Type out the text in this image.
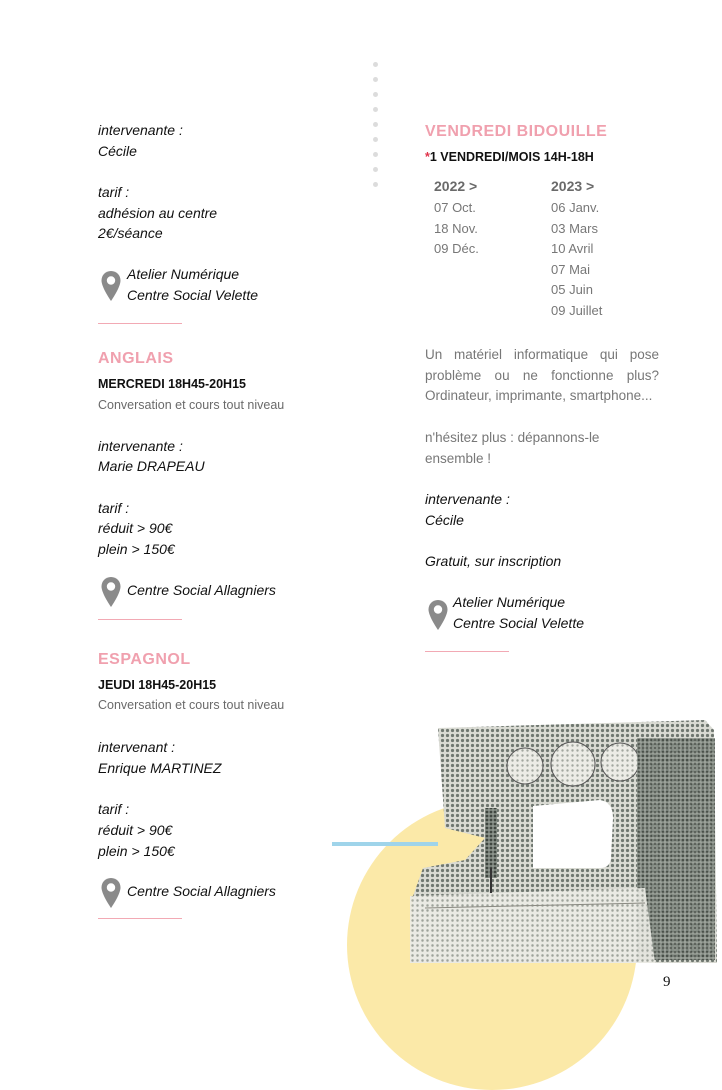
intervenante :
Cécile
tarif :
adhésion au centre
2€/séance
Atelier Numérique
Centre Social Velette
ANGLAIS
MERCREDI 18H45-20H15
Conversation et cours tout niveau
intervenante :
Marie DRAPEAU
tarif :
réduit > 90€
plein > 150€
Centre Social Allagniers
ESPAGNOL
JEUDI 18H45-20H15
Conversation et cours tout niveau
intervenant :
Enrique MARTINEZ
tarif :
réduit > 90€
plein > 150€
Centre Social Allagniers
VENDREDI BIDOUILLE
*1 VENDREDI/MOIS 14H-18H
2022 >
07 Oct.
18 Nov.
09 Déc.
2023 >
06 Janv.
03 Mars
10 Avril
07 Mai
05 Juin
09 Juillet
Un matériel informatique qui pose problème ou ne fonctionne plus? Ordinateur, imprimante, smartphone...
n'hésitez plus : dépannons-le ensemble !
intervenante :
Cécile
Gratuit, sur inscription
Atelier Numérique
Centre Social Velette
9
